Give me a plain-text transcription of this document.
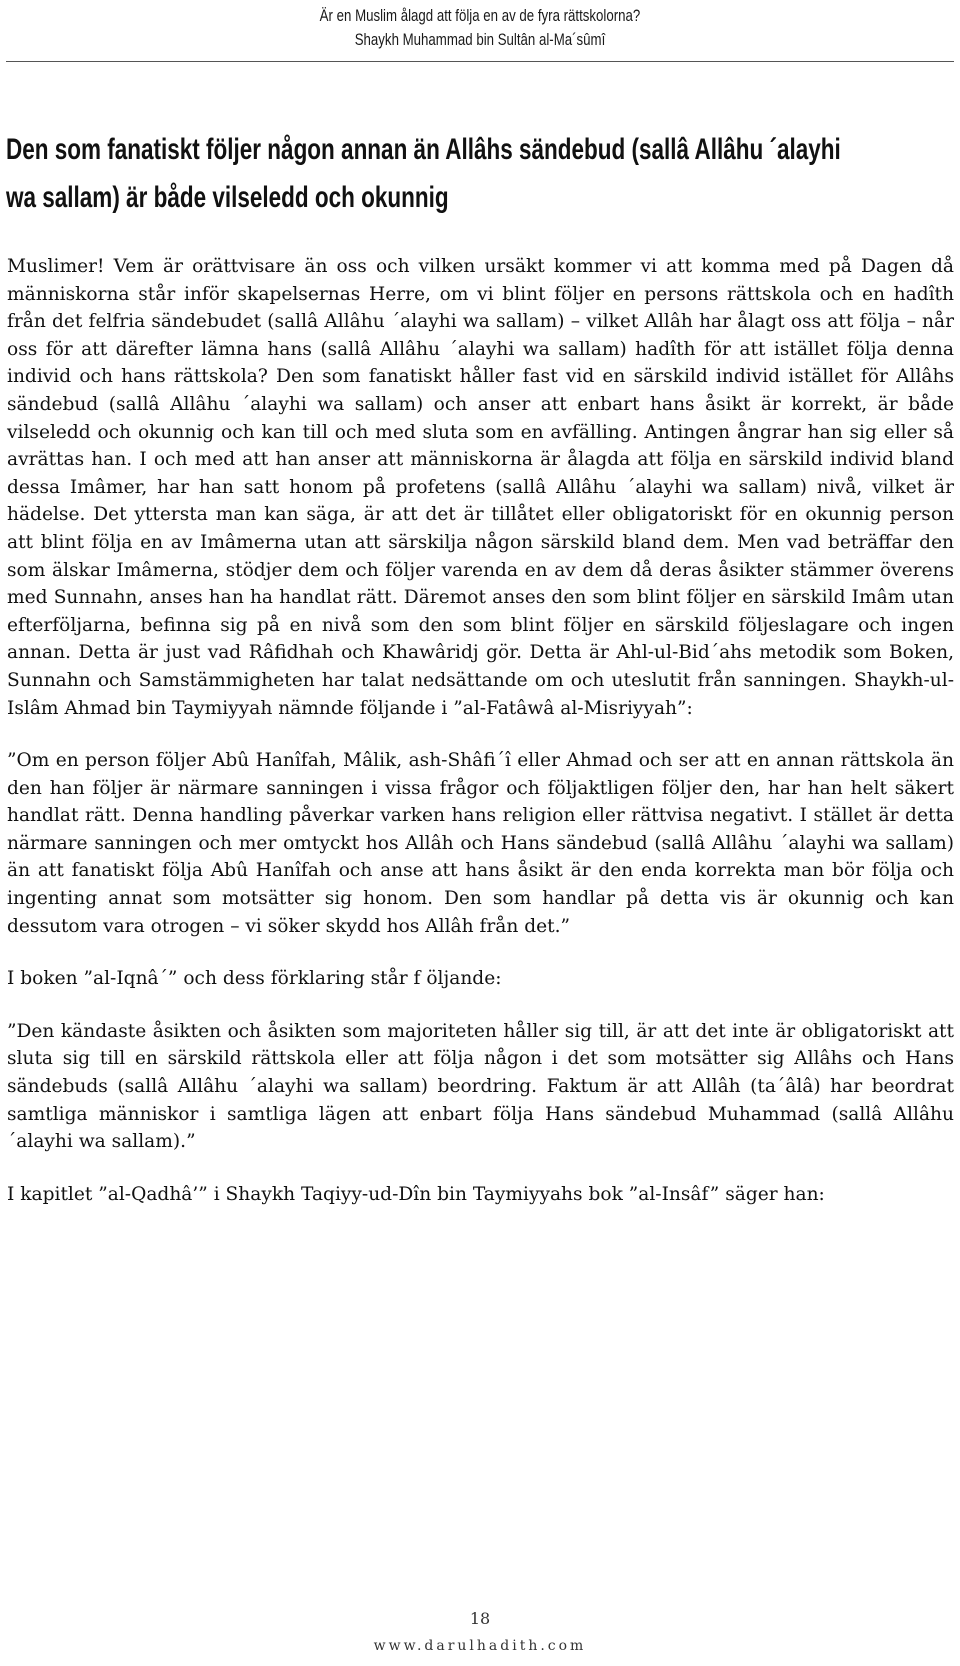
Är en Muslim ålagd att följa en av de fyra rättskolorna?
Shaykh Muhammad bin Sultân al-Ma´sûmî
Den som fanatiskt följer någon annan än Allâhs sändebud (sallâ Allâhu ´alayhi wa sallam) är både vilseledd och okunnig

Muslimer! Vem är orättvisare än oss och vilken ursäkt kommer vi att komma med på Dagen då människorna står inför skapelsernas Herre, om vi blint följer en persons rättskola och en hadîth från det felfria sändebudet (sallâ Allâhu ´alayhi wa sallam) – vilket Allâh har ålagt oss att följa – når oss för att därefter lämna hans (sallâ Allâhu ´alayhi wa sallam) hadîth för att istället följa denna individ och hans rättskola? Den som fanatiskt håller fast vid en särskild individ istället för Allâhs sändebud (sallâ Allâhu ´alayhi wa sallam) och anser att enbart hans åsikt är korrekt, är både vilseledd och okunnig och kan till och med sluta som en avfälling. Antingen ångrar han sig eller så avrättas han. I och med att han anser att människorna är ålagda att följa en särskild individ bland dessa Imâmer, har han satt honom på profetens (sallâ Allâhu ´alayhi wa sallam) nivå, vilket är hädelse. Det yttersta man kan säga, är att det är tillåtet eller obligatoriskt för en okunnig person att blint följa en av Imâmerna utan att särskilja någon särskild bland dem. Men vad beträffar den som älskar Imâmerna, stödjer dem och följer varenda en av dem då deras åsikter stämmer överens med Sunnahn, anses han ha handlat rätt. Däremot anses den som blint följer en särskild Imâm utan efterföljarna, befinna sig på en nivå som den som blint följer en särskild följeslagare och ingen annan. Detta är just vad Râfidhah och Khawâridj gör. Detta är Ahl-ul-Bid´ahs metodik som Boken, Sunnahn och Samstämmigheten har talat nedsättande om och uteslutit från sanningen. Shaykh-ul-Islâm Ahmad bin Taymiyyah nämnde följande i ”al-Fatâwâ al-Misriyyah”:

”Om en person följer Abû Hanîfah, Mâlik, ash-Shâfi´î eller Ahmad och ser att en annan rättskola än den han följer är närmare sanningen i vissa frågor och följaktligen följer den, har han helt säkert handlat rätt. Denna handling påverkar varken hans religion eller rättvisa negativt. I stället är detta närmare sanningen och mer omtyckt hos Allâh och Hans sändebud (sallâ Allâhu ´alayhi wa sallam) än att fanatiskt följa Abû Hanîfah och anse att hans åsikt är den enda korrekta man bör följa och ingenting annat som motsätter sig honom. Den som handlar på detta vis är okunnig och kan dessutom vara otrogen – vi söker skydd hos Allâh från det.”

I boken ”al-Iqnâ´” och dess förklaring står f öljande:

”Den kändaste åsikten och åsikten som majoriteten håller sig till, är att det inte är obligatoriskt att sluta sig till en särskild rättskola eller att följa någon i det som motsätter sig Allâhs och Hans sändebuds (sallâ Allâhu ´alayhi wa sallam) beordring. Faktum är att Allâh (ta´âlâ) har beordrat samtliga människor i samtliga lägen att enbart följa Hans sändebud Muhammad (sallâ Allâhu ´alayhi wa sallam).”

I kapitlet ”al-Qadhâ’” i Shaykh Taqiyy-ud-Dîn bin Taymiyyahs bok ”al-Insâf” säger han:

18
www.darulhadith.com
